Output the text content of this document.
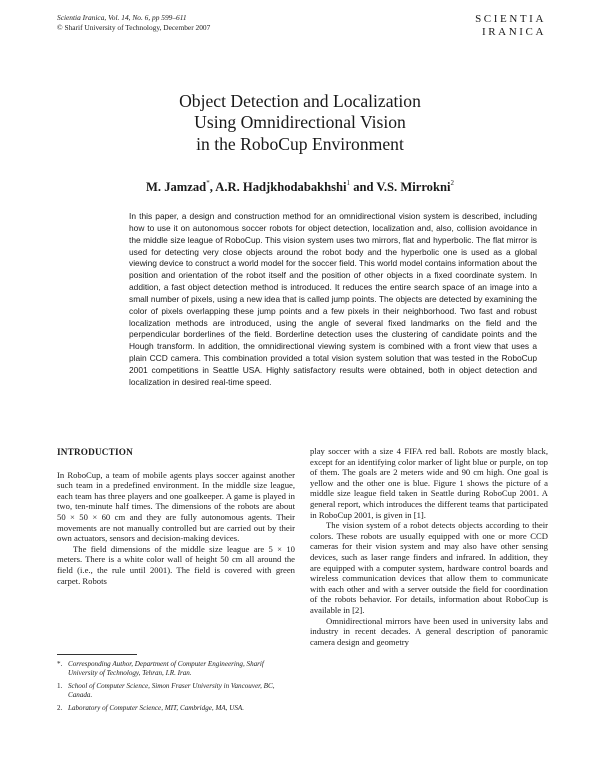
Scientia Iranica, Vol. 14, No. 6, pp 599–611
© Sharif University of Technology, December 2007
SCIENTIA
IRANICA
Object Detection and Localization
Using Omnidirectional Vision
in the RoboCup Environment
M. Jamzad*, A.R. Hadjkhodabakhshi$^1$ and V.S. Mirrokni$^2$
In this paper, a design and construction method for an omnidirectional vision system is described, including how to use it on autonomous soccer robots for object detection, localization and, also, collision avoidance in the middle size league of RoboCup. This vision system uses two mirrors, flat and hyperbolic. The flat mirror is used for detecting very close objects around the robot body and the hyperbolic one is used as a global viewing device to construct a world model for the soccer field. This world model contains information about the position and orientation of the robot itself and the position of other objects in a fixed coordinate system. In addition, a fast object detection method is introduced. It reduces the entire search space of an image into a small number of pixels, using a new idea that is called jump points. The objects are detected by examining the color of pixels overlapping these jump points and a few pixels in their neighborhood. Two fast and robust localization methods are introduced, using the angle of several fixed landmarks on the field and the perpendicular borderlines of the field. Borderline detection uses the clustering of candidate points and the Hough transform. In addition, the omnidirectional viewing system is combined with a front view that uses a plain CCD camera. This combination provided a total vision system solution that was tested in the RoboCup 2001 competitions in Seattle USA. Highly satisfactory results were obtained, both in object detection and localization in desired real-time speed.
INTRODUCTION

In RoboCup, a team of mobile agents plays soccer against another such team in a predefined environment. In the middle size league, each team has three players and one goalkeeper. A game is played in two, ten-minute half times. The dimensions of the robots are about 50 × 50 × 60 cm and they are fully autonomous agents. Their movements are not manually controlled but are carried out by their own actuators, sensors and decision-making devices.

The field dimensions of the middle size league are 5 × 10 meters. There is a white color wall of height 50 cm all around the field (i.e., the rule until 2001). The field is covered with green carpet. Robots

*. Corresponding Author, Department of Computer Engineering, Sharif University of Technology, Tehran, I.R. Iran.
1. School of Computer Science, Simon Fraser University in Vancouver, BC, Canada.
2. Laboratory of Computer Science, MIT, Cambridge, MA, USA.

play soccer with a size 4 FIFA red ball. Robots are mostly black, except for an identifying color marker of light blue or purple, on top of them. The goals are 2 meters wide and 90 cm high. One goal is yellow and the other one is blue. Figure 1 shows the picture of a middle size league field taken in Seattle during RoboCup 2001. A general report, which introduces the different teams that participated in RoboCup 2001, is given in [1].

The vision system of a robot detects objects according to their colors. These robots are usually equipped with one or more CCD cameras for their vision system and may also have other sensing devices, such as laser range finders and infrared. In addition, they are equipped with a computer system, hardware control boards and wireless communication devices that allow them to communicate with each other and with a server outside the field for coordination of the robots behavior. For details, information about RoboCup is available in [2].

Omnidirectional mirrors have been used in university labs and industry in recent decades. A general description of panoramic camera design and geometry
